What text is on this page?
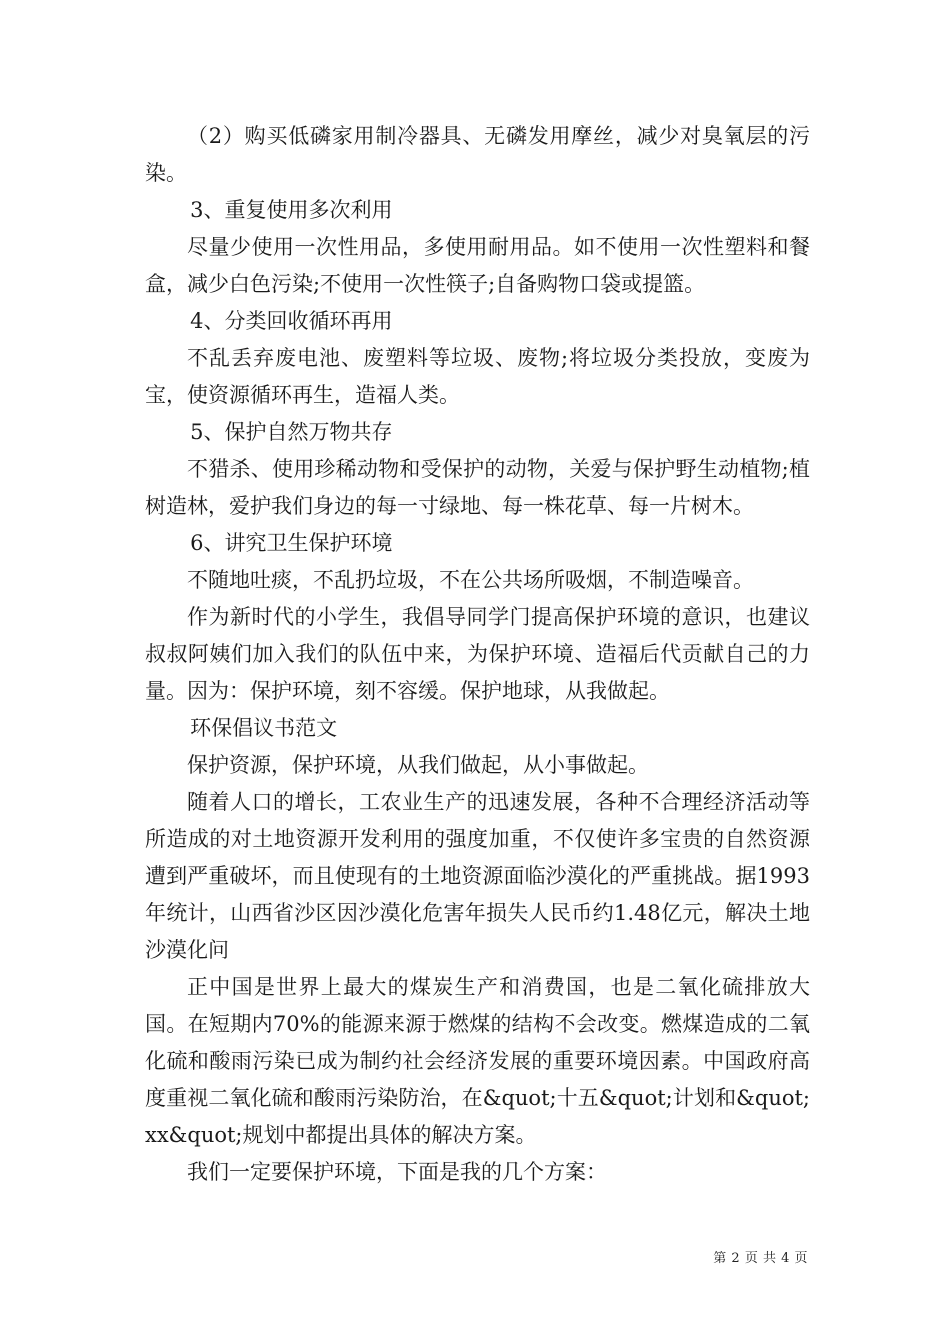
（2）购买低磷家用制冷器具、无磷发用摩丝，减少对臭氧层的污染。

3、重复使用多次利用

尽量少使用一次性用品，多使用耐用品。如不使用一次性塑料和餐盒，减少白色污染;不使用一次性筷子;自备购物口袋或提篮。

4、分类回收循环再用

不乱丢弃废电池、废塑料等垃圾、废物;将垃圾分类投放，变废为宝，使资源循环再生，造福人类。

5、保护自然万物共存

不猎杀、使用珍稀动物和受保护的动物，关爱与保护野生动植物;植树造林，爱护我们身边的每一寸绿地、每一株花草、每一片树木。

6、讲究卫生保护环境

不随地吐痰，不乱扔垃圾，不在公共场所吸烟，不制造噪音。

作为新时代的小学生，我倡导同学门提高保护环境的意识，也建议叔叔阿姨们加入我们的队伍中来，为保护环境、造福后代贡献自己的力量。因为：保护环境，刻不容缓。保护地球，从我做起。

环保倡议书范文

保护资源，保护环境，从我们做起，从小事做起。

随着人口的增长，工农业生产的迅速发展，各种不合理经济活动等所造成的对土地资源开发利用的强度加重，不仅使许多宝贵的自然资源遭到严重破坏，而且使现有的土地资源面临沙漠化的严重挑战。据1993年统计，山西省沙区因沙漠化危害年损失人民币约1.48亿元，解决土地沙漠化问

正中国是世界上最大的煤炭生产和消费国，也是二氧化硫排放大国。在短期内70%的能源来源于燃煤的结构不会改变。燃煤造成的二氧化硫和酸雨污染已成为制约社会经济发展的重要环境因素。中国政府高度重视二氧化硫和酸雨污染防治，在&quot;十五&quot;计划和&quot;xx&quot;规划中都提出具体的解决方案。

我们一定要保护环境，下面是我的几个方案：

第 2 页 共 4 页
